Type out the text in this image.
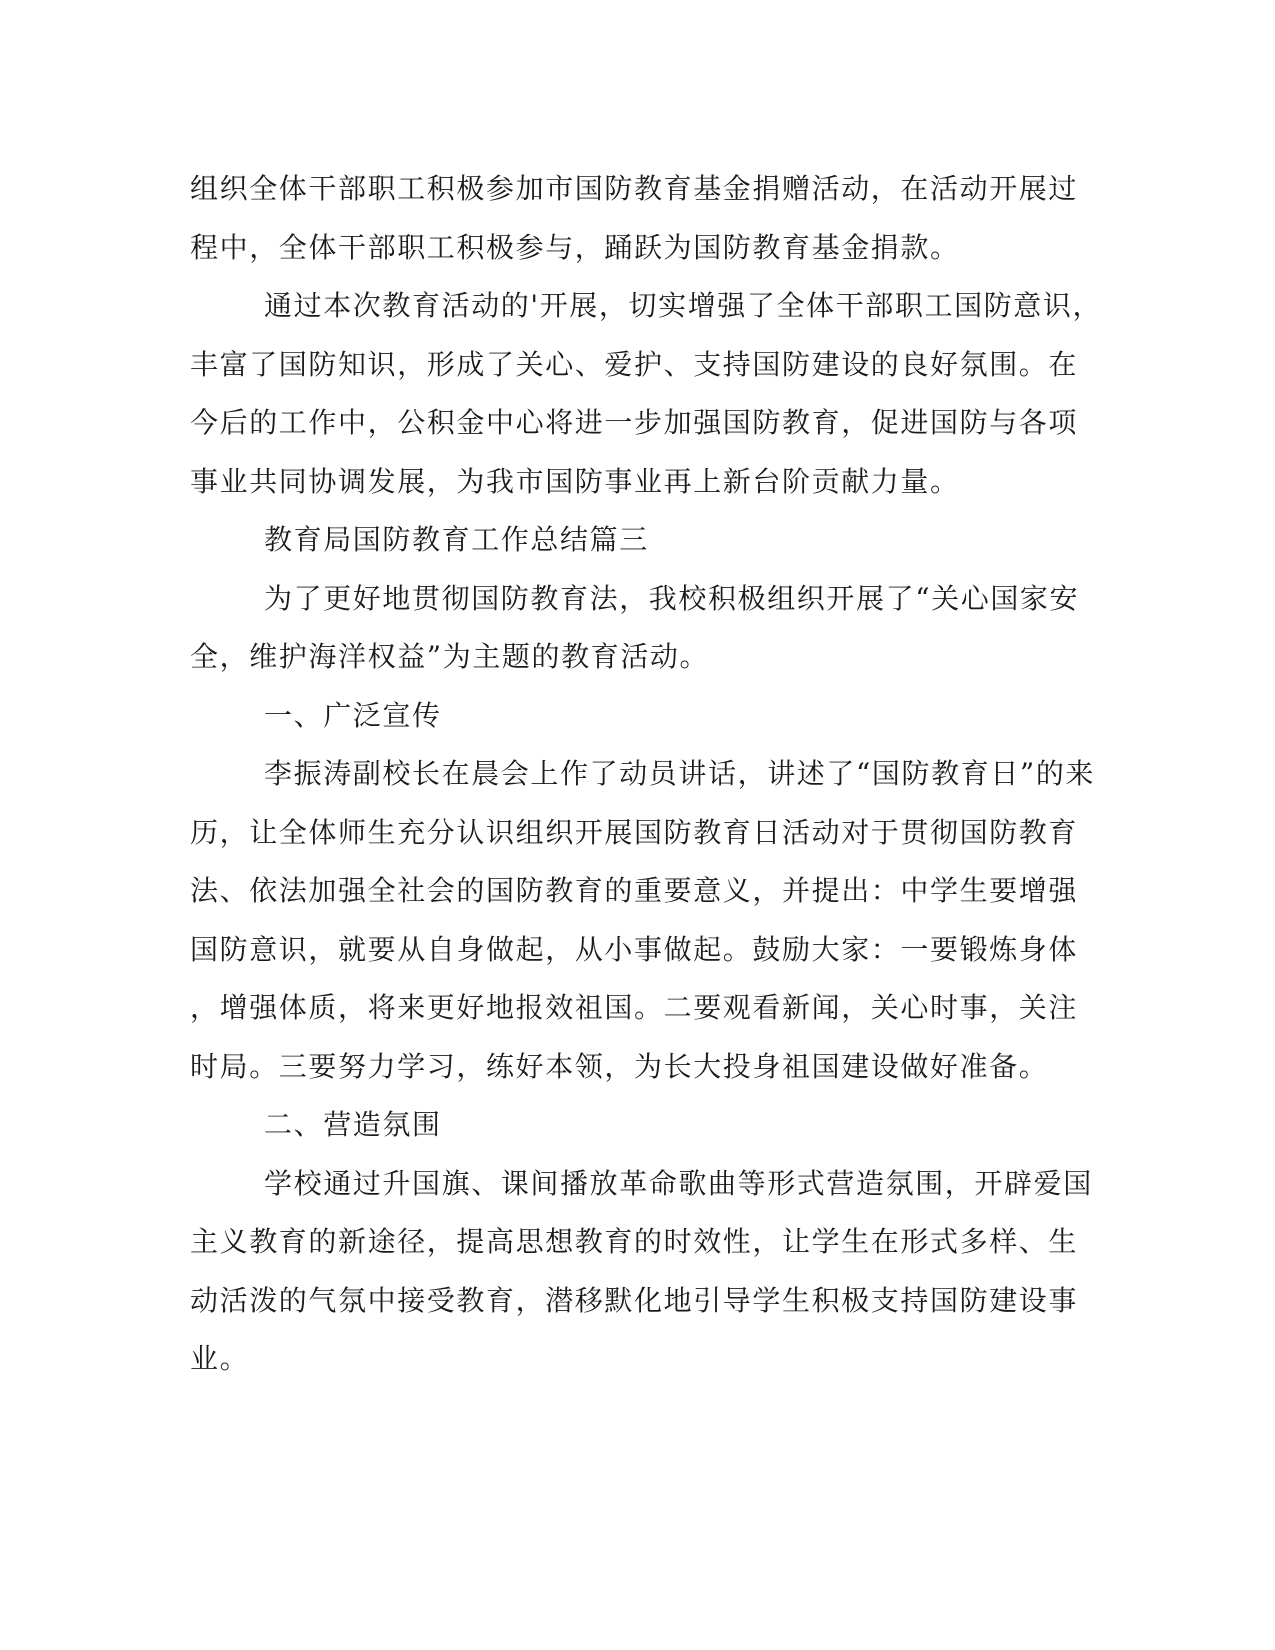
组织全体干部职工积极参加市国防教育基金捐赠活动，在活动开展过
程中，全体干部职工积极参与，踊跃为国防教育基金捐款。
通过本次教育活动的'开展，切实增强了全体干部职工国防意识，
丰富了国防知识，形成了关心、爱护、支持国防建设的良好氛围。在
今后的工作中，公积金中心将进一步加强国防教育，促进国防与各项
事业共同协调发展，为我市国防事业再上新台阶贡献力量。
教育局国防教育工作总结篇三
为了更好地贯彻国防教育法，我校积极组织开展了“关心国家安
全，维护海洋权益”为主题的教育活动。
一、广泛宣传
李振涛副校长在晨会上作了动员讲话，讲述了“国防教育日”的来
历，让全体师生充分认识组织开展国防教育日活动对于贯彻国防教育
法、依法加强全社会的国防教育的重要意义，并提出：中学生要增强
国防意识，就要从自身做起，从小事做起。鼓励大家：一要锻炼身体
，增强体质，将来更好地报效祖国。二要观看新闻，关心时事，关注
时局。三要努力学习，练好本领，为长大投身祖国建设做好准备。
二、营造氛围
学校通过升国旗、课间播放革命歌曲等形式营造氛围，开辟爱国
主义教育的新途径，提高思想教育的时效性，让学生在形式多样、生
动活泼的气氛中接受教育，潜移默化地引导学生积极支持国防建设事
业。
